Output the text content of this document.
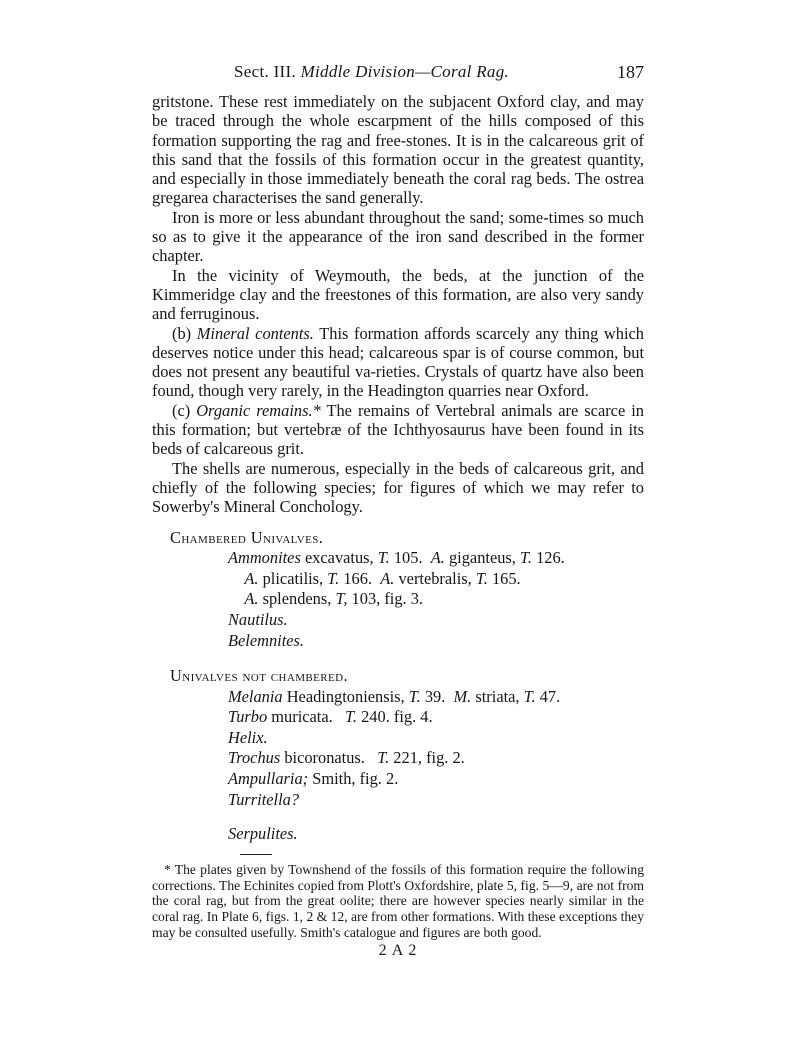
Sect. III. Middle Division—Coral Rag.	187

gritstone. These rest immediately on the subjacent Oxford clay, and may be traced through the whole escarpment of the hills composed of this formation supporting the rag and free-stones. It is in the calcareous grit of this sand that the fossils of this formation occur in the greatest quantity, and especially in those immediately beneath the coral rag beds. The ostrea gregarea characterises the sand generally.

Iron is more or less abundant throughout the sand; some-times so much so as to give it the appearance of the iron sand described in the former chapter.

In the vicinity of Weymouth, the beds, at the junction of the Kimmeridge clay and the freestones of this formation, are also very sandy and ferruginous.

(b) Mineral contents. This formation affords scarcely any thing which deserves notice under this head; calcareous spar is of course common, but does not present any beautiful va-rieties. Crystals of quartz have also been found, though very rarely, in the Headington quarries near Oxford.

(c) Organic remains.* The remains of Vertebral animals are scarce in this formation; but vertebræ of the Ichthyosaurus have been found in its beds of calcareous grit.

The shells are numerous, especially in the beds of calcareous grit, and chiefly of the following species; for figures of which we may refer to Sowerby's Mineral Conchology.

Chambered Univalves.
Ammonites excavatus, T. 105.  A. giganteus, T. 126.
A. plicatilis, T. 166.  A. vertebralis, T. 165.
A. splendens, T, 103, fig. 3.
Nautilus.
Belemnites.
Univalves not chambered.
Melania Headingtoniensis, T. 39.  M. striata, T. 47.
Turbo muricata.   T. 240. fig. 4.
Helix.
Trochus bicoronatus.   T. 221, fig. 2.
Ampullaria; Smith, fig. 2.
Turritella?
Serpulites.

* The plates given by Townshend of the fossils of this formation require the following corrections. The Echinites copied from Plott's Oxfordshire, plate 5, fig. 5—9, are not from the coral rag, but from the great oolite; there are however species nearly similar in the coral rag. In Plate 6, figs. 1, 2 & 12, are from other formations. With these exceptions they may be consulted usefully. Smith's catalogue and figures are both good.

2 A 2
